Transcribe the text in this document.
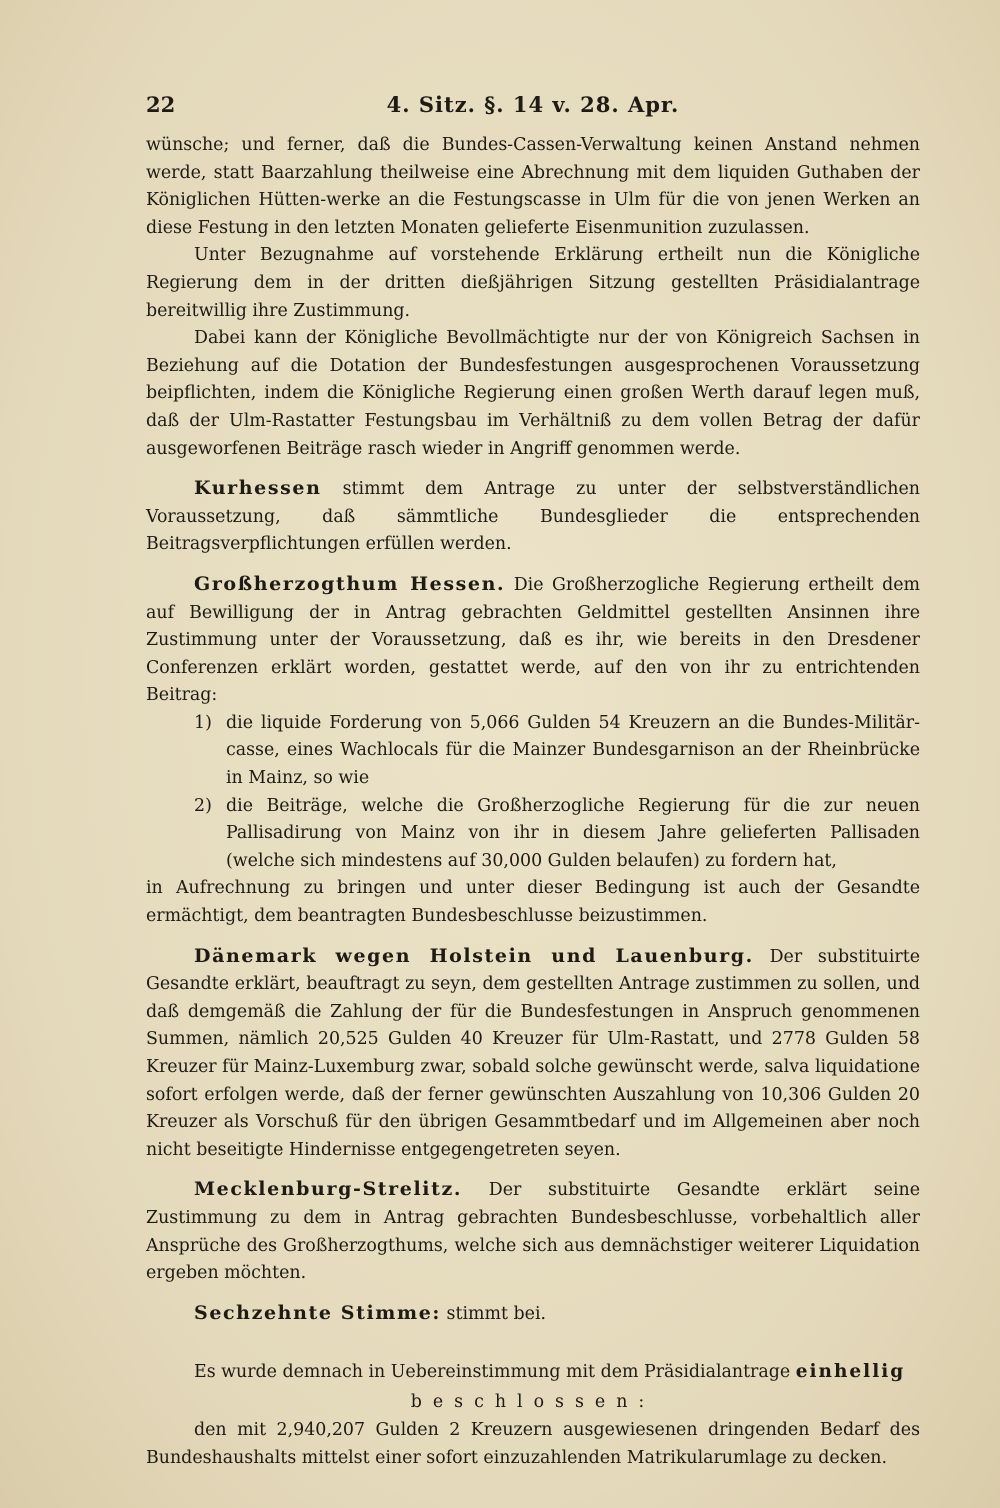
22	4. Sitz. §. 14 v. 28. Apr.

wünsche; und ferner, daß die Bundes-Cassen-Verwaltung keinen Anstand nehmen werde, statt Baarzahlung theilweise eine Abrechnung mit dem liquiden Guthaben der Königlichen Hütten-werke an die Festungscasse in Ulm für die von jenen Werken an diese Festung in den letzten Monaten gelieferte Eisenmunition zuzulassen.

Unter Bezugnahme auf vorstehende Erklärung ertheilt nun die Königliche Regierung dem in der dritten dießjährigen Sitzung gestellten Präsidialantrage bereitwillig ihre Zustimmung.

Dabei kann der Königliche Bevollmächtigte nur der von Königreich Sachsen in Beziehung auf die Dotation der Bundesfestungen ausgesprochenen Voraussetzung beipflichten, indem die Königliche Regierung einen großen Werth darauf legen muß, daß der Ulm-Rastatter Festungsbau im Verhältniß zu dem vollen Betrag der dafür ausgeworfenen Beiträge rasch wieder in Angriff genommen werde.

Kurhessen stimmt dem Antrage zu unter der selbstverständlichen Voraussetzung, daß sämmtliche Bundesglieder die entsprechenden Beitragsverpflichtungen erfüllen werden.

Großherzogthum Hessen. Die Großherzogliche Regierung ertheilt dem auf Bewilligung der in Antrag gebrachten Geldmittel gestellten Ansinnen ihre Zustimmung unter der Voraussetzung, daß es ihr, wie bereits in den Dresdener Conferenzen erklärt worden, gestattet werde, auf den von ihr zu entrichtenden Beitrag:

1) die liquide Forderung von 5,066 Gulden 54 Kreuzern an die Bundes-Militär-casse, eines Wachlocals für die Mainzer Bundesgarnison an der Rheinbrücke in Mainz, so wie

2) die Beiträge, welche die Großherzogliche Regierung für die zur neuen Pallisadirung von Mainz von ihr in diesem Jahre gelieferten Pallisaden (welche sich mindestens auf 30,000 Gulden belaufen) zu fordern hat,

in Aufrechnung zu bringen und unter dieser Bedingung ist auch der Gesandte ermächtigt, dem beantragten Bundesbeschlusse beizustimmen.

Dänemark wegen Holstein und Lauenburg. Der substituirte Gesandte erklärt, beauftragt zu seyn, dem gestellten Antrage zustimmen zu sollen, und daß demgemäß die Zahlung der für die Bundesfestungen in Anspruch genommenen Summen, nämlich 20,525 Gulden 40 Kreuzer für Ulm-Rastatt, und 2778 Gulden 58 Kreuzer für Mainz-Luxemburg zwar, sobald solche gewünscht werde, salva liquidatione sofort erfolgen werde, daß der ferner gewünschten Auszahlung von 10,306 Gulden 20 Kreuzer als Vorschuß für den übrigen Gesammtbedarf und im Allgemeinen aber noch nicht beseitigte Hindernisse entgegengetreten seyen.

Mecklenburg-Strelitz. Der substituirte Gesandte erklärt seine Zustimmung zu dem in Antrag gebrachten Bundesbeschlusse, vorbehaltlich aller Ansprüche des Großherzogthums, welche sich aus demnächstiger weiterer Liquidation ergeben möchten.

Sechzehnte Stimme: stimmt bei.

Es wurde demnach in Uebereinstimmung mit dem Präsidialantrage einhellig

beschlossen:

den mit 2,940,207 Gulden 2 Kreuzern ausgewiesenen dringenden Bedarf des Bundeshaushalts mittelst einer sofort einzuzahlenden Matrikularumlage zu decken.
